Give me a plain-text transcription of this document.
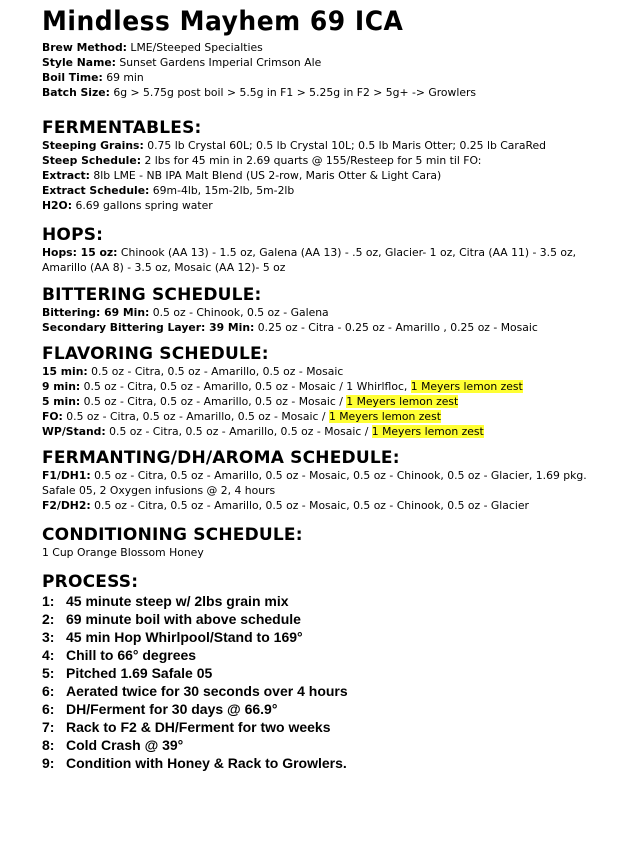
Mindless Mayhem 69 ICA
Brew Method: LME/Steeped Specialties
Style Name: Sunset Gardens Imperial Crimson Ale
Boil Time: 69 min
Batch Size: 6g > 5.75g post boil > 5.5g in F1 > 5.25g in F2 > 5g+ -> Growlers
FERMENTABLES:
Steeping Grains: 0.75 lb Crystal 60L; 0.5 lb Crystal 10L; 0.5 lb Maris Otter; 0.25 lb CaraRed
Steep Schedule: 2 lbs for 45 min in 2.69 quarts @ 155/Resteep for 5 min til FO:
Extract: 8lb LME - NB IPA Malt Blend (US 2-row, Maris Otter & Light Cara)
Extract Schedule: 69m-4lb, 15m-2lb, 5m-2lb
H2O: 6.69 gallons spring water
HOPS:
Hops: 15 oz: Chinook (AA 13) - 1.5 oz, Galena (AA 13) - .5 oz, Glacier- 1 oz, Citra (AA 11) - 3.5 oz, Amarillo (AA 8) - 3.5 oz, Mosaic (AA 12)- 5 oz
BITTERING SCHEDULE:
Bittering: 69 Min: 0.5 oz - Chinook, 0.5 oz - Galena
Secondary Bittering Layer: 39 Min: 0.25 oz - Citra - 0.25 oz - Amarillo , 0.25 oz - Mosaic
FLAVORING SCHEDULE:
15 min: 0.5 oz - Citra, 0.5 oz - Amarillo, 0.5 oz - Mosaic
9 min: 0.5 oz - Citra, 0.5 oz - Amarillo, 0.5 oz - Mosaic / 1 Whirlfloc, 1 Meyers lemon zest
5 min: 0.5 oz - Citra, 0.5 oz - Amarillo, 0.5 oz - Mosaic / 1 Meyers lemon zest
FO: 0.5 oz - Citra, 0.5 oz - Amarillo, 0.5 oz - Mosaic / 1 Meyers lemon zest
WP/Stand: 0.5 oz - Citra, 0.5 oz - Amarillo, 0.5 oz - Mosaic / 1 Meyers lemon zest
FERMANTING/DH/AROMA SCHEDULE:
F1/DH1: 0.5 oz - Citra, 0.5 oz - Amarillo, 0.5 oz - Mosaic, 0.5 oz - Chinook, 0.5 oz - Glacier, 1.69 pkg. Safale 05, 2 Oxygen infusions @ 2, 4 hours
F2/DH2: 0.5 oz - Citra, 0.5 oz - Amarillo, 0.5 oz - Mosaic, 0.5 oz - Chinook, 0.5 oz - Glacier
CONDITIONING SCHEDULE:
1 Cup Orange Blossom Honey
PROCESS:
1: 45 minute steep w/ 2lbs grain mix
2: 69 minute boil with above schedule
3: 45 min Hop Whirlpool/Stand to 169°
4: Chill to 66° degrees
5: Pitched 1.69 Safale 05
6: Aerated twice for 30 seconds over 4 hours
6: DH/Ferment for 30 days @ 66.9°
7: Rack to F2 & DH/Ferment for two weeks
8: Cold Crash @ 39°
9: Condition with Honey & Rack to Growlers.
